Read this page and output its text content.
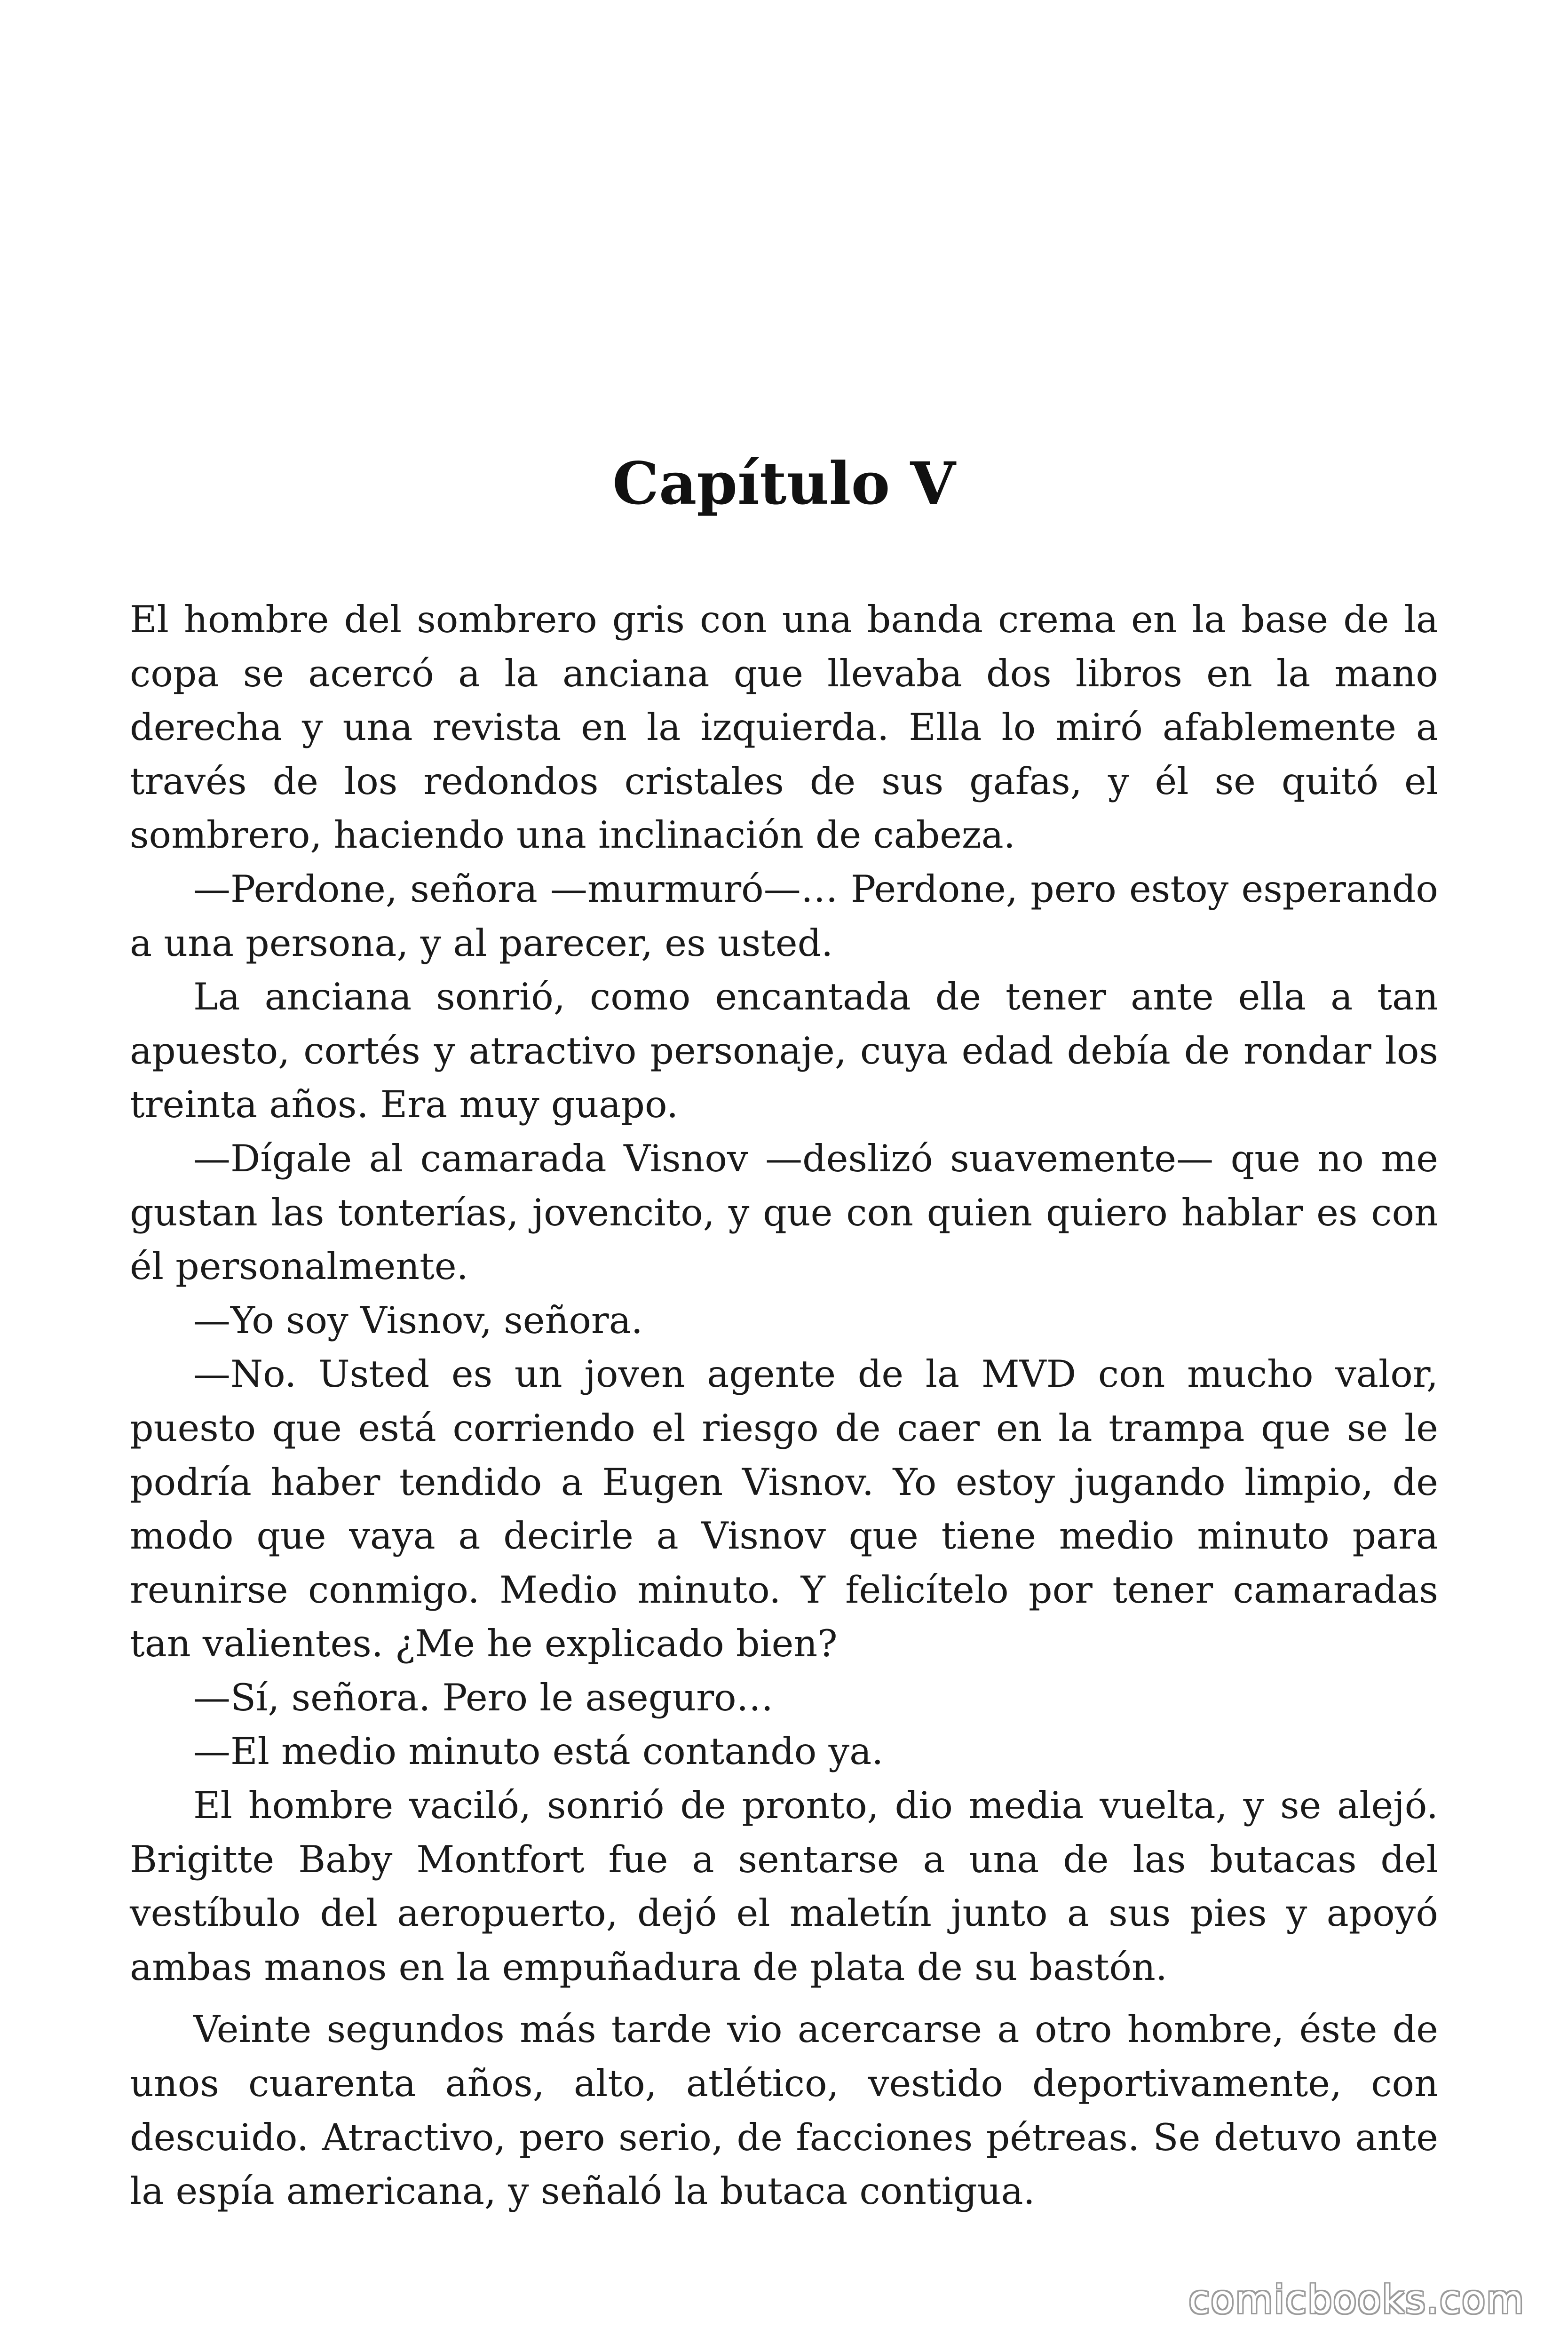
Capítulo V

El hombre del sombrero gris con una banda crema en la base de la copa se acercó a la anciana que llevaba dos libros en la mano derecha y una revista en la izquierda. Ella lo miró afablemente a través de los redondos cristales de sus gafas, y él se quitó el sombrero, haciendo una inclinación de cabeza.

—Perdone, señora —murmuró—… Perdone, pero estoy esperando a una persona, y al parecer, es usted.

La anciana sonrió, como encantada de tener ante ella a tan apuesto, cortés y atractivo personaje, cuya edad debía de rondar los treinta años. Era muy guapo.

—Dígale al camarada Visnov —deslizó suavemente— que no me gustan las tonterías, jovencito, y que con quien quiero hablar es con él personalmente.

—Yo soy Visnov, señora.

—No. Usted es un joven agente de la MVD con mucho valor, puesto que está corriendo el riesgo de caer en la trampa que se le podría haber tendido a Eugen Visnov. Yo estoy jugando limpio, de modo que vaya a decirle a Visnov que tiene medio minuto para reunirse conmigo. Medio minuto. Y felicítelo por tener camaradas tan valientes. ¿Me he explicado bien?

—Sí, señora. Pero le aseguro…

—El medio minuto está contando ya.

El hombre vaciló, sonrió de pronto, dio media vuelta, y se alejó. Brigitte Baby Montfort fue a sentarse a una de las butacas del vestíbulo del aeropuerto, dejó el maletín junto a sus pies y apoyó ambas manos en la empuñadura de plata de su bastón.

Veinte segundos más tarde vio acercarse a otro hombre, éste de unos cuarenta años, alto, atlético, vestido deportivamente, con descuido. Atractivo, pero serio, de facciones pétreas. Se detuvo ante la espía americana, y señaló la butaca contigua.

comicbooks.com
